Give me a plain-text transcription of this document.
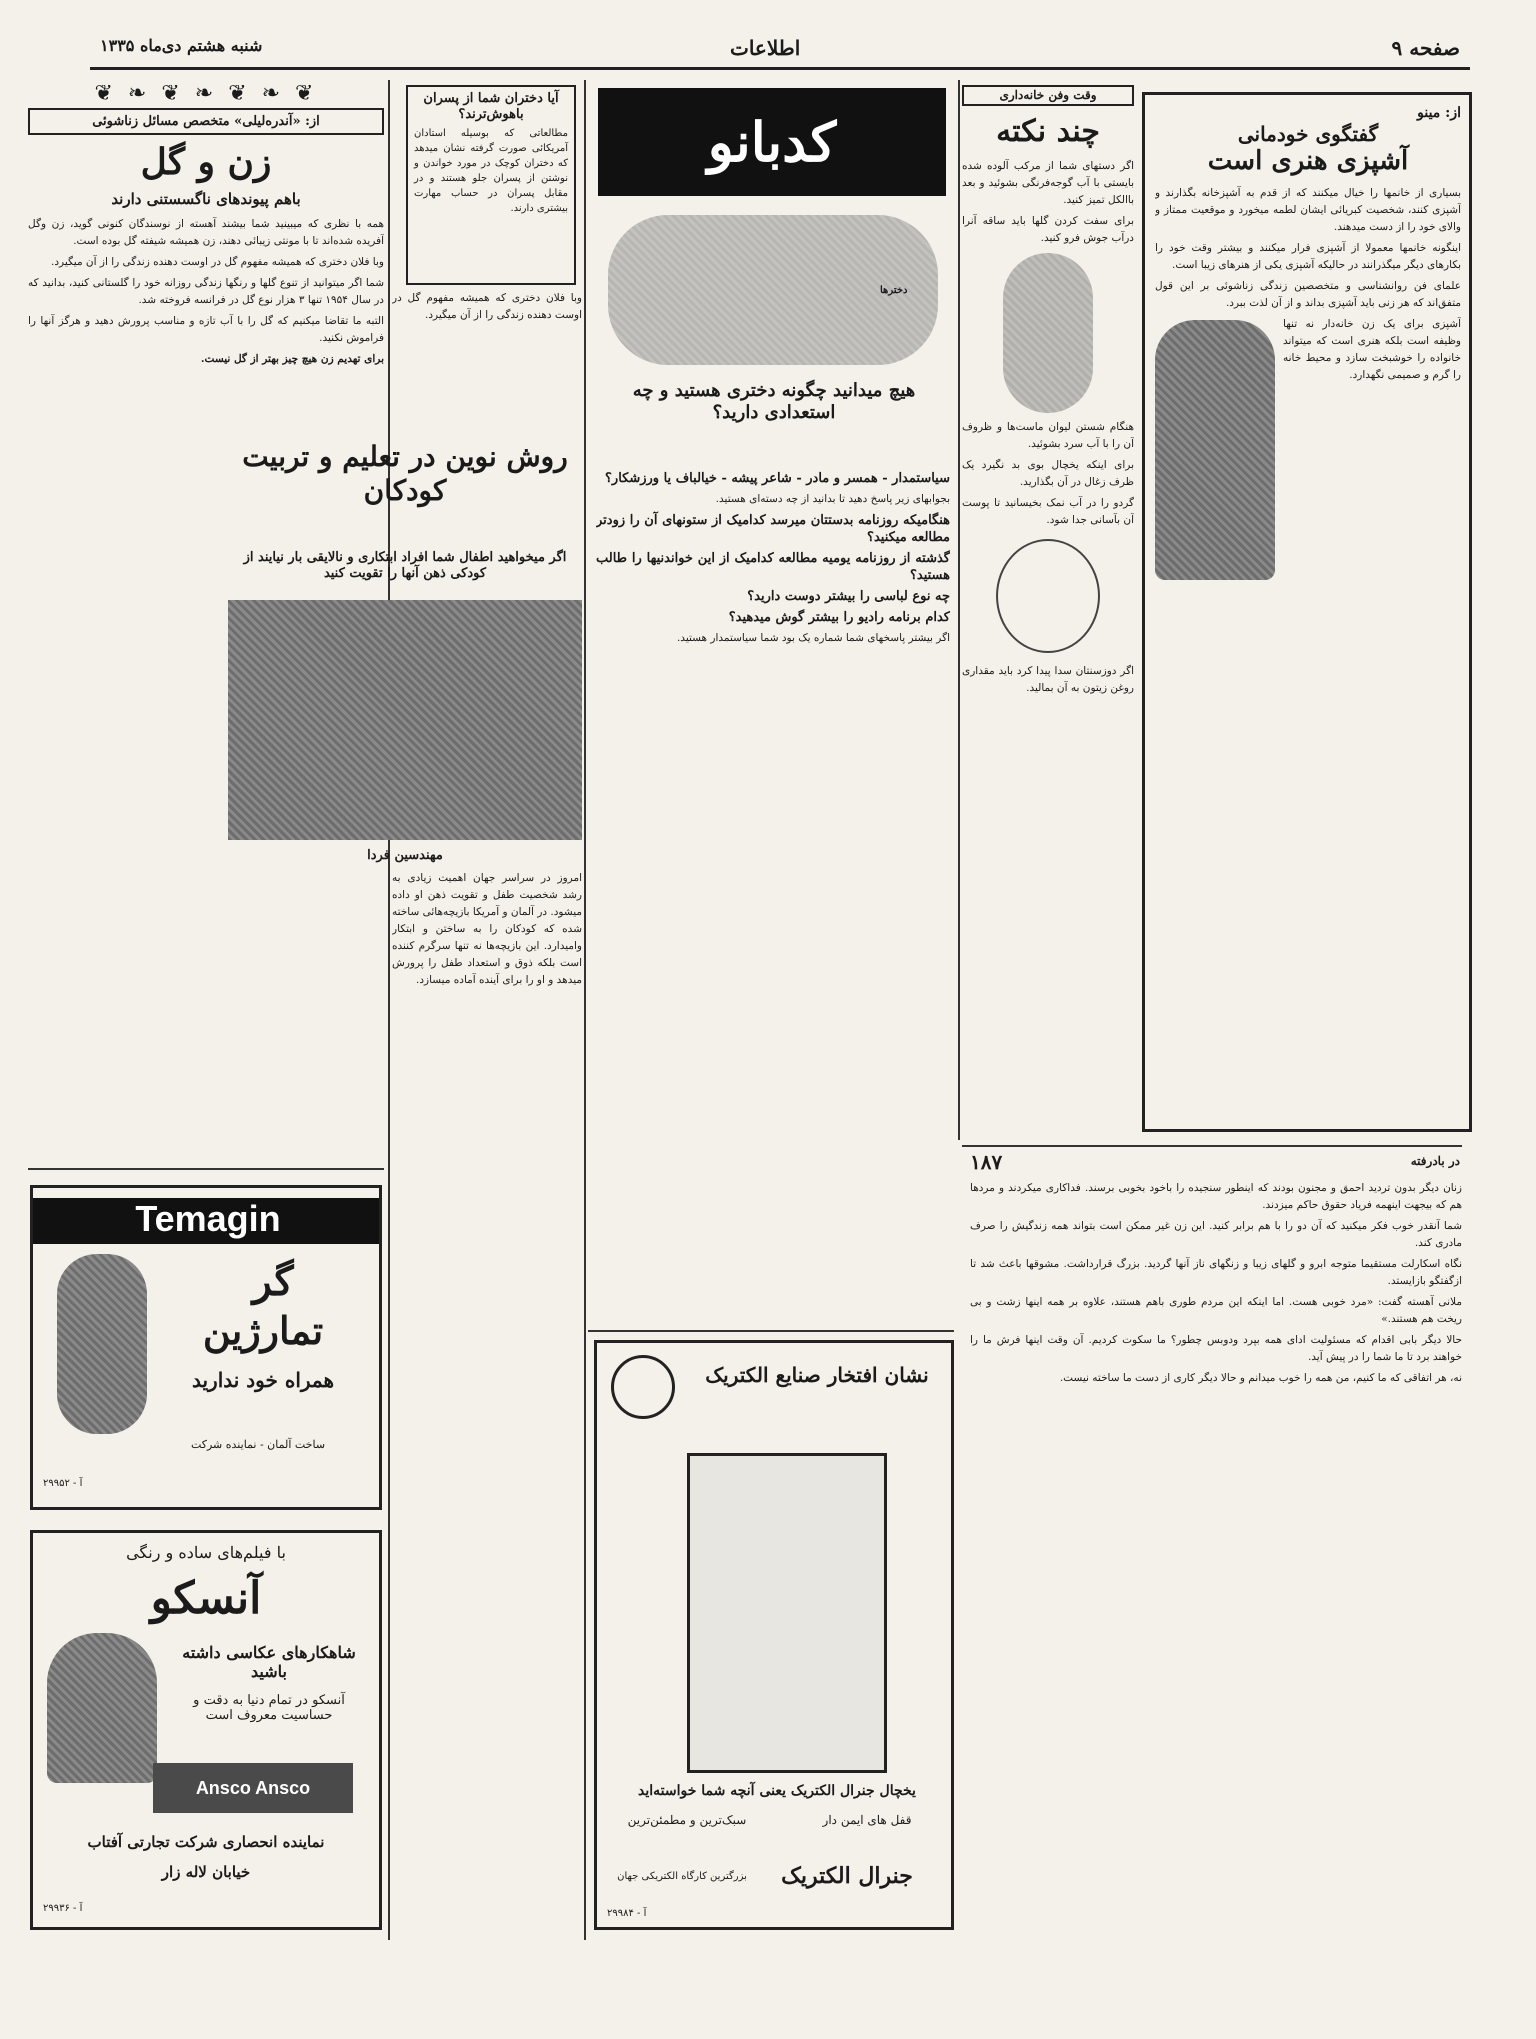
صفحه ۹
اطلاعات
شنبه هشتم دی‌ماه ۱۳۳۵
❦ ❧ ❦ ❧ ❦ ❧ ❦
از: «آندره‌لیلی» متخصص مسائل زناشوئی
زن و گل
باهم پیوندهای ناگسستنی دارند

همه با نظری که میبینید شما بیشند آهسته از نوسندگان کنونی گوید، زن وگل آفریده شده‌اند تا با مونتی زیبائی دهند، زن همیشه شیفته گل بوده است.

وبا فلان دختری که همیشه مفهوم گل در اوست دهنده زندگی را از آن میگیرد.

شما اگر میتوانید از تنوع گلها و رنگها زندگی روزانه خود را گلستانی کنید، بدانید که در سال ۱۹۵۴ تنها ۳ هزار نوع گل در فرانسه فروخته شد.

التبه ما تقاضا میکنیم که گل را با آب تازه و مناسب پرورش دهید و هرگز آنها را فراموش نکنید.

برای تهدیم زن هیچ چیز بهتر از گل نیست.

Temagin
گر
تمارژین
همراه خود ندارید
ساخت آلمان - نماینده شرکت
آ - ۲۹۹۵۲
با فیلم‌های ساده و رنگی
آنسکو
شاهکارهای عکاسی داشته باشید
آنسکو در تمام دنیا به دقت و حساسیت معروف است
Ansco Ansco
نماینده انحصاری شرکت تجارتی آفتاب
خیابان لاله زار
آ - ۲۹۹۳۶
آیا دختران شما از پسران باهوش‌ترند؟
مطالعاتی که بوسیله استادان آمریکائی صورت گرفته نشان میدهد که دختران کوچک در مورد خواندن و نوشتن از پسران جلو هستند و در مقابل پسران در حساب مهارت بیشتری دارند.

وبا فلان دختری که همیشه مفهوم گل در اوست دهنده زندگی را از آن میگیرد.

روش نوین در تعلیم و تربیت کودکان
اگر میخواهید اطفال شما افراد ابتکاری و نالایقی بار نیایند از کودکی ذهن آنها را تقویت کنید
مهندسین فردا

امروز در سراسر جهان اهمیت زیادی به رشد شخصیت طفل و تقویت ذهن او داده میشود. در آلمان و آمریکا بازیچه‌هائی ساخته شده که کودکان را به ساختن و ابتکار وامیدارد. این بازیچه‌ها نه تنها سرگرم کننده است بلکه ذوق و استعداد طفل را پرورش میدهد و او را برای آینده آماده میسازد.

کدبانو
دخترها
هیچ میدانید چگونه دختری هستید و چه استعدادی دارید؟

سیاستمدار - همسر و مادر - شاعر پیشه - خیالباف یا ورزشکار؟

بجوابهای زیر پاسخ دهید تا بدانید از چه دسته‌ای هستید.

هنگامیکه روزنامه بدستتان میرسد کدامیک از ستونهای آن را زودتر مطالعه میکنید؟

گذشته از روزنامه یومیه مطالعه کدامیک از این خواندنیها را طالب هستید؟

چه نوع لباسی را بیشتر دوست دارید؟

کدام برنامه رادیو را بیشتر گوش میدهید؟

اگر بیشتر پاسخهای شما شماره یک بود شما سیاستمدار هستید.

نشان افتخار صنایع الکتریک
یخچال جنرال الکتریک یعنی آنچه شما خواسته‌اید
قفل های ایمن دار
سبک‌ترین و مطمئن‌ترین
جنرال الکتریک
بزرگترین کارگاه الکتریکی جهان
آ - ۲۹۹۸۴
وقت وفن خانه‌داری
چند نکته

اگر دستهای شما از مرکب آلوده شده بایستی با آب گوجه‌فرنگی بشوئید و بعد باالکل تمیز کنید.

برای سفت کردن گلها باید ساقه آنرا درآب جوش فرو کنید.

هنگام شستن لیوان ماست‌ها و ظروف آن را با آب سرد بشوئید.

برای اینکه یخچال بوی بد نگیرد یک ظرف زغال در آن بگذارید.

گردو را در آب نمک بخیسانید تا پوست آن بآسانی جدا شود.

اگر دوزسنتان سدا پیدا کرد باید مقداری روغن زیتون به آن بمالید.

از: مینو
گفتگوی خودمانی
آشپزی هنری است

بسیاری از خانمها را خیال میکنند که از قدم به آشپزخانه بگذارند و آشپزی کنند، شخصیت کبریائی ایشان لطمه میخورد و موقعیت ممتاز و والای خود را از دست میدهند.

اینگونه خانمها معمولا از آشپزی فرار میکنند و بیشتر وقت خود را بکارهای دیگر میگذرانند در حالیکه آشپزی یکی از هنرهای زیبا است.

علمای فن روانشناسی و متخصصین زندگی زناشوئی بر این قول متفق‌اند که هر زنی باید آشپزی بداند و از آن لذت ببرد.

آشپزی برای یک زن خانه‌دار نه تنها وظیفه است بلکه هنری است که میتواند خانواده را خوشبخت سازد و محیط خانه را گرم و صمیمی نگهدارد.

۱۸۷	در بادرفته

زنان دیگر بدون تردید احمق و مجنون بودند که اینطور سنجیده را باخود بخوبی برسند. فداکاری میکردند و مردها هم که بیجهت اینهمه فریاد حقوق حاکم میزدند.

شما آنقدر خوب فکر میکنید که آن دو را با هم برابر کنید. این زن غیر ممکن است بتواند همه زندگیش را صرف مادری کند.

نگاه اسکارلت مستقیما متوجه ابرو و گلهای زیبا و زنگهای ناز آنها گردید. بزرگ قرارداشت. مشوقها باعث شد تا ازگفتگو بازایستد.

ملانی آهسته گفت: «مرد خوبی هست. اما اینکه این مردم طوری باهم هستند، علاوه بر همه اینها زشت و بی ریخت هم هستند.»

حالا دیگر بابی اقدام که مسئولیت ادای همه بپرد ودوبس چطور؟ ما سکوت کردیم. آن وقت اینها فرش ما را خواهند برد تا ما شما را در پیش آید.

نه، هر اتفاقی که ما کنیم، من همه را خوب میدانم و حالا دیگر کاری از دست ما ساخته نیست.
